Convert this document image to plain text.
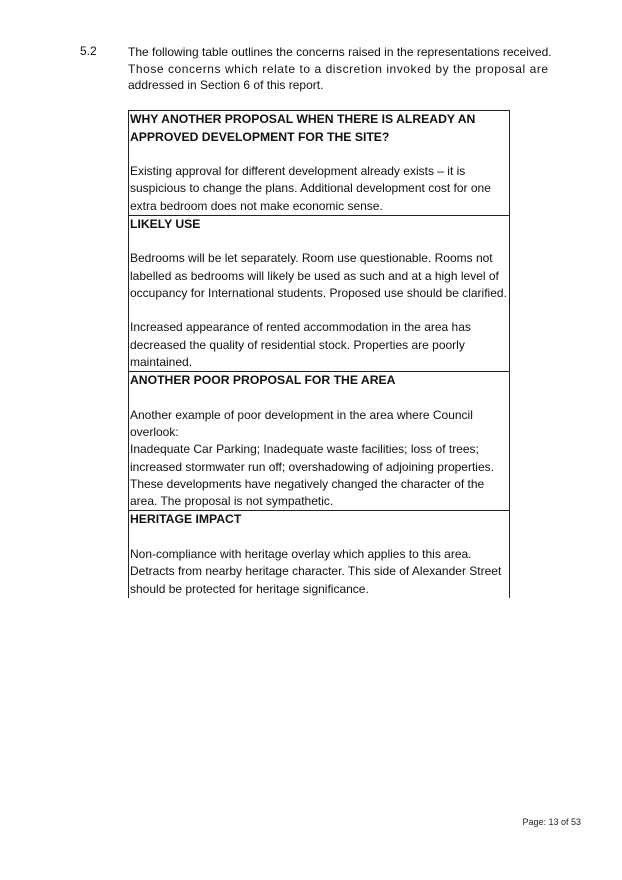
5.2	The following table outlines the concerns raised in the representations received.
Those concerns which relate to a discretion invoked by the proposal are
addressed in Section 6 of this report.
WHY ANOTHER PROPOSAL WHEN THERE IS ALREADY AN
APPROVED DEVELOPMENT FOR THE SITE?
Existing approval for different development already exists – it is suspicious to change the plans. Additional development cost for one extra bedroom does not make economic sense.
LIKELY USE
Bedrooms will be let separately. Room use questionable. Rooms not labelled as bedrooms will likely be used as such and at a high level of occupancy for International students. Proposed use should be clarified.
Increased appearance of rented accommodation in the area has decreased the quality of residential stock. Properties are poorly maintained.
ANOTHER POOR PROPOSAL FOR THE AREA
Another example of poor development in the area where Council overlook:
Inadequate Car Parking; Inadequate waste facilities; loss of trees; increased stormwater run off; overshadowing of adjoining properties. These developments have negatively changed the character of the area. The proposal is not sympathetic.
HERITAGE IMPACT
Non-compliance with heritage overlay which applies to this area. Detracts from nearby heritage character. This side of Alexander Street should be protected for heritage significance.
Page: 13 of 53
